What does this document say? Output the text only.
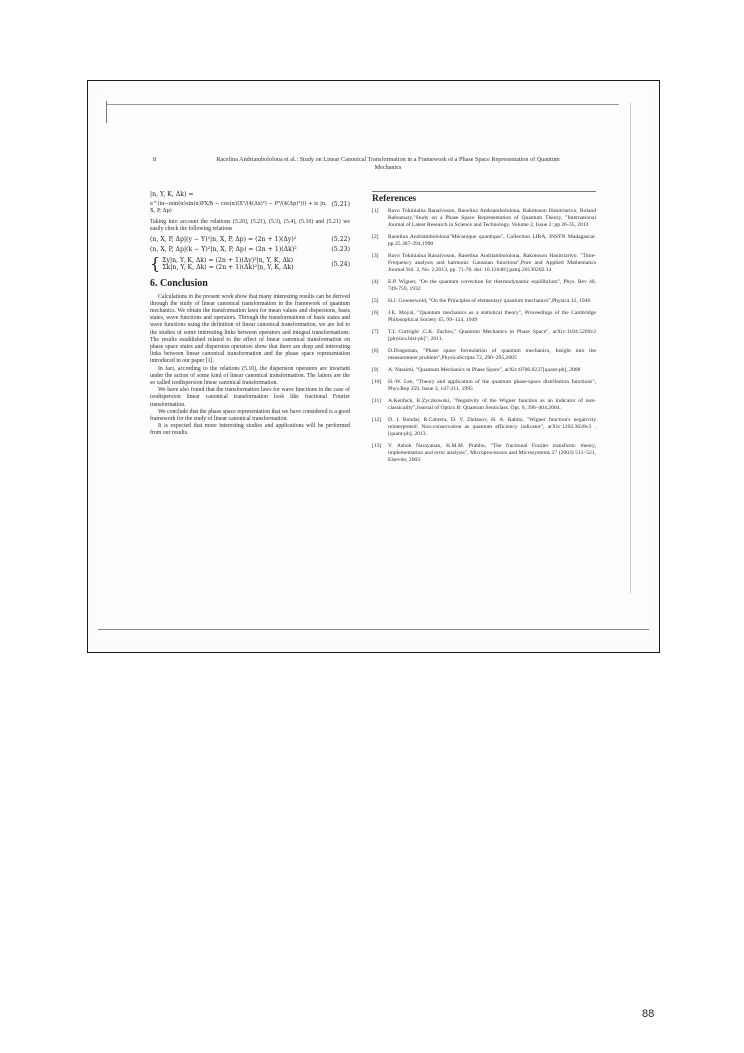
8	Racelina Andriambololona et al.: Study on Linear Canonical Transformation in a Framework of a Phase Space Representation of Quantum Mechanics
|n, Y, K, Δk) =
e^(iα−isin(α)sin(α)PX/ħ − cos(α)(X²/(4(Δx)²) − P²/(4(Δp)²))) + iε |n, X, P, Δp)
(5.21)

Taking into account the relations (5.20), (5.21), (5.3), (5.4), (5.10) and (5.21) we easily check the following relations

(n, X, P, Δp|(y − Y)²|n, X, P, Δp) = (2n + 1)(Δy)²	(5.22)
(n, X, P, Δp|(k − Y)²|n, X, P, Δp) = (2n + 1)(Δk)²	(5.23)
{ Σy|n, Y, K, Δk) = (2n + 1)(Δy)²|n, Y, K, Δk)
Σk|n, Y, K, Δk) = (2n + 1)(Δk)²|n, Y, K, Δk)
(5.24)
6. Conclusion

Calculations in the present work show that many interesting results can be derived through the study of linear canonical transformation in the framework of quantum mechanics. We obtain the transformation laws for mean values and dispersions, basis states, wave functions and operators. Through the transformations of basis states and wave functions using the definition of linear canonical transformation, we are led to the studies of some interesting links between operators and integral transformations. The results established related to the effect of linear canonical transformation on phase space states and dispersion operators show that there are deep and interesting links between linear canonical transformation and the phase space representation introduced in our paper [1].

In fact, according to the relations (5.10), the dispersion operators are invariant under the action of some kind of linear canonical transformation. The latters are the so called isodispersion linear canonical transformation.

We have also found that the transformation laws for wave functions in the case of isodispersion linear canonical transformation look like fractional Fourier transformation.

We conclude that the phase space representation that we have considered is a good framework for the study of linear canonical transformation.

It is expected that more interesting studies and applications will be performed from our results.

References
[1]	Ravo Tokiniaina Ranaivoson, Raoelina Andriambololona, Rakotoson Hanitriarivo, Roland Raboanary,"Study on a Phase Space Representation of Quantum Theory, "International Journal of Latest Research in Science and Technology. Volume 2, Issue 2: pp 26-35, 2013
[2]	Raoelina Andriambololona"Mécanique quantique", Collection LIRA, INSTN Madagascar. pp 25.387-394,1990
[3]	Ravo Tokiniaina Ranaivoson, Raoelina Andriambololona, Rakotoson Hanitriarivo. "Time-Frequency analysis and harmonic Gaussian functions",Pure and Applied Mathematics Journal.Vol. 2, No. 2,2013, pp. 71-78. doi: 10.11648/j.pamj.20130202.14
[4]	E.P. Wigner, "On the quantum correction for thermodynamic equilibrium", Phys. Rev 40, 749-759, 1932
[5]	H.J. Groenewold, "On the Principles of elementary quantum mechanics",Physica 12, 1946
[6]	J.E. Moyal, "Quantum mechanics as a statistical theory", Proceedings of the Cambridge Philosophical Society 45, 99–124, 1949
[7]	T.L Curtright ,C.K. Zachos," Quantum Mechanics in Phase Space", arXiv:1104.5269v2 [physics.hist-ph]", 2011.
[8]	D.Dragoman, "Phase space formulation of quantum mechanics, Insight into the measurement problem",PhysicaScripta 72, 290–295,2005
[9]	A. Nassimi, "Quantum Mechanics in Phase Space", arXiv:0706.0237[quant-ph], 2008
[10]	H.-W. Lee, "Theory and application of the quantum phase-space distribution functions", Phys.Rep 259, Issue 3, 147-211, 1995
[11]	A.Kenfack, K.Zyczkowski, "Negativity of the Wigner function as an indicator of non-classicality",Journal of Optics B: Quantum Semiclass. Opt. 6, 396–404,2004.
[12]	D. I. Bondar, R.Cabrera, D. V. Zhdanov, H. A. Rabitz, "Wigner function's negativity reinterpreted: Non-conservation as quantum efficiency indicator", arXiv:1202.3628v3 .[quant-ph], 2013.
[13]	V. Ashok Narayanan, K.M.M. Prabhu, "The fractional Fourier transform: theory, implementation and error analysis", Microprocessors and Microsystems 27 (2003) 511–521, Elsevier, 2003.
88
